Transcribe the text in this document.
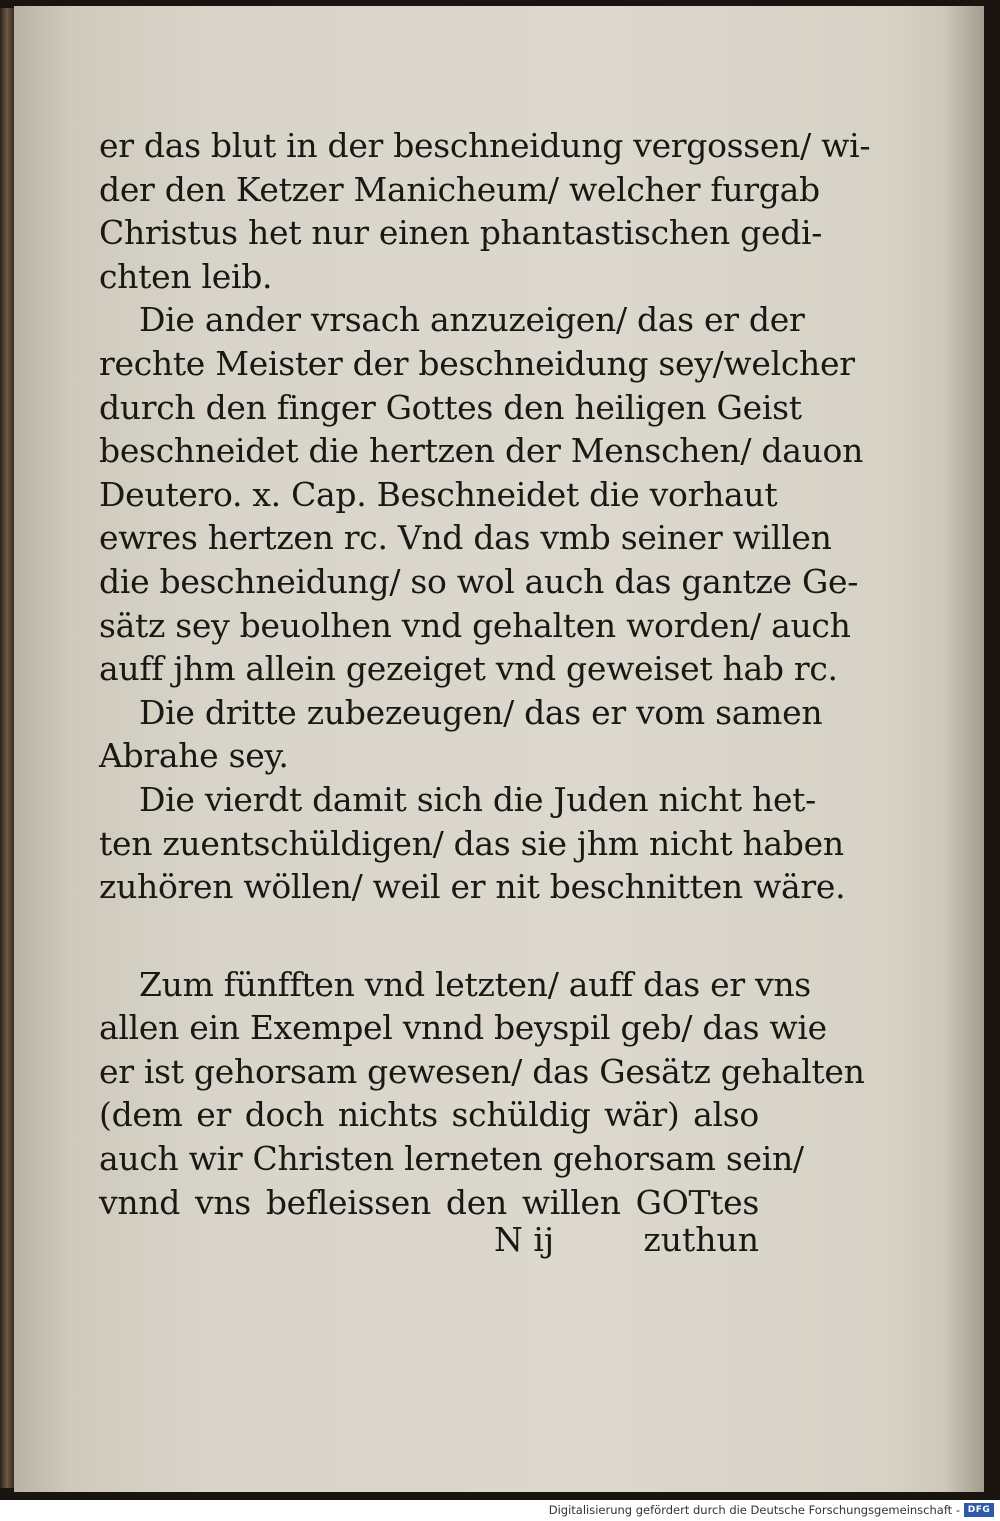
er das blut in der beschneidung vergossen/ wi-
der den Ketzer Manicheum/ welcher furgab
Christus het nur einen phantastischen gedi-
chten leib.
Die ander vrsach anzuzeigen/ das er der
rechte Meister der beschneidung sey/welcher
durch den finger Gottes den heiligen Geist
beschneidet die hertzen der Menschen/ dauon
Deutero. x. Cap. Beschneidet die vorhaut
ewres hertzen rc. Vnd das vmb seiner willen
die beschneidung/ so wol auch das gantze Ge-
sätz sey beuolhen vnd gehalten worden/ auch
auff jhm allein gezeiget vnd geweiset hab rc.
Die dritte zubezeugen/ das er vom samen
Abrahe sey.
Die vierdt damit sich die Juden nicht het-
ten zuentschüldigen/ das sie jhm nicht haben
zuhören wöllen/ weil er nit beschnitten wäre.
Zum fünfften vnd letzten/ auff das er vns
allen ein Exempel vnnd beyspil geb/ das wie
er ist gehorsam gewesen/ das Gesätz gehalten
(dem er doch nichts schüldig wär) also
auch wir Christen lerneten gehorsam sein/
vnnd vns befleissen den willen GOTtes
N ij	zuthun
Digitalisierung gefördert durch die Deutsche Forschungsgemeinschaft - DFG
